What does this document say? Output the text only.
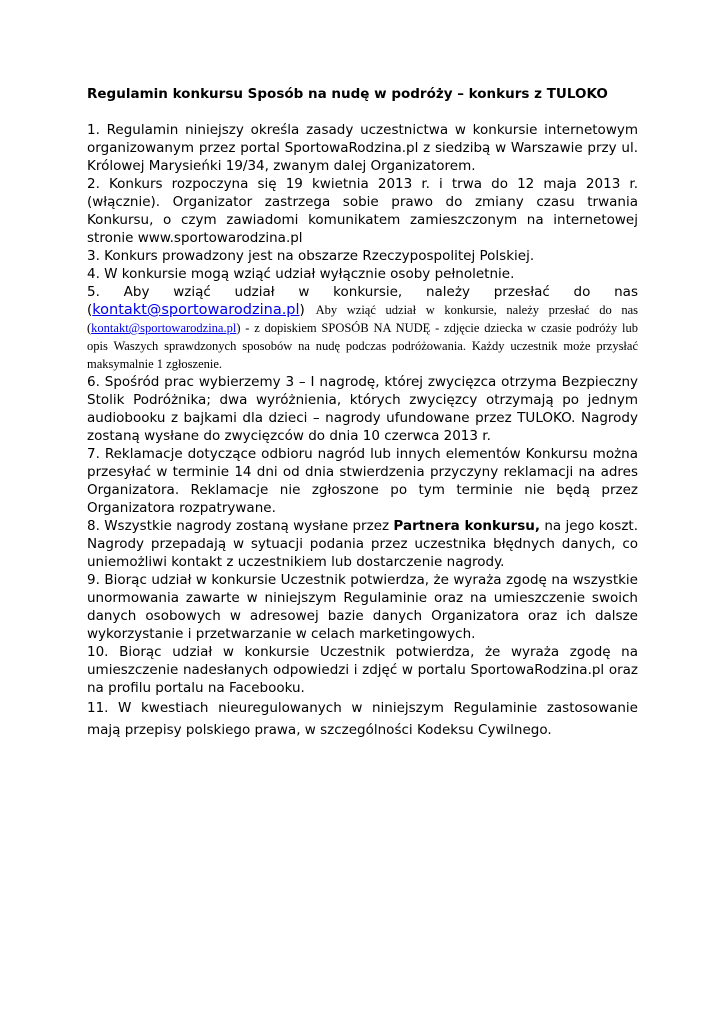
Regulamin konkursu Sposób na nudę w podróży – konkurs z TULOKO

1. Regulamin niniejszy określa zasady uczestnictwa w konkursie internetowym organizowanym przez portal SportowaRodzina.pl z siedzibą w Warszawie przy ul. Królowej Marysieńki 19/34, zwanym dalej Organizatorem.

2. Konkurs rozpoczyna się 19 kwietnia 2013 r. i trwa do 12 maja 2013 r. (włącznie). Organizator zastrzega sobie prawo do zmiany czasu trwania Konkursu, o czym zawiadomi komunikatem zamieszczonym na internetowej stronie www.sportowarodzina.pl

3. Konkurs prowadzony jest na obszarze Rzeczypospolitej Polskiej.

4. W konkursie mogą wziąć udział wyłącznie osoby pełnoletnie.

5. Aby wziąć udział w konkursie, należy przesłać do nas (kontakt@sportowarodzina.pl) Aby wziąć udział w konkursie, należy przesłać do nas (kontakt@sportowarodzina.pl) - z dopiskiem SPOSÓB NA NUDĘ - zdjęcie dziecka w czasie podróży lub opis Waszych sprawdzonych sposobów na nudę podczas podróżowania. Każdy uczestnik może przysłać maksymalnie 1 zgłoszenie.

6. Spośród prac wybierzemy 3 – I nagrodę, której zwycięzca otrzyma Bezpieczny Stolik Podróżnika; dwa wyróżnienia, których zwycięzcy otrzymają po jednym audiobooku z bajkami dla dzieci – nagrody ufundowane przez TULOKO. Nagrody zostaną wysłane do zwycięzców do dnia 10 czerwca 2013 r.

7. Reklamacje dotyczące odbioru nagród lub innych elementów Konkursu można przesyłać w terminie 14 dni od dnia stwierdzenia przyczyny reklamacji na adres Organizatora. Reklamacje nie zgłoszone po tym terminie nie będą przez Organizatora rozpatrywane.

8. Wszystkie nagrody zostaną wysłane przez Partnera konkursu, na jego koszt. Nagrody przepadają w sytuacji podania przez uczestnika błędnych danych, co uniemożliwi kontakt z uczestnikiem lub dostarczenie nagrody.

9. Biorąc udział w konkursie Uczestnik potwierdza, że wyraża zgodę na wszystkie unormowania zawarte w niniejszym Regulaminie oraz na umieszczenie swoich danych osobowych w adresowej bazie danych Organizatora oraz ich dalsze wykorzystanie i przetwarzanie w celach marketingowych.

10. Biorąc udział w konkursie Uczestnik potwierdza, że wyraża zgodę na umieszczenie nadesłanych odpowiedzi i zdjęć w portalu SportowaRodzina.pl oraz na profilu portalu na Facebooku.

11. W kwestiach nieuregulowanych w niniejszym Regulaminie zastosowanie mają przepisy polskiego prawa, w szczególności Kodeksu Cywilnego.
